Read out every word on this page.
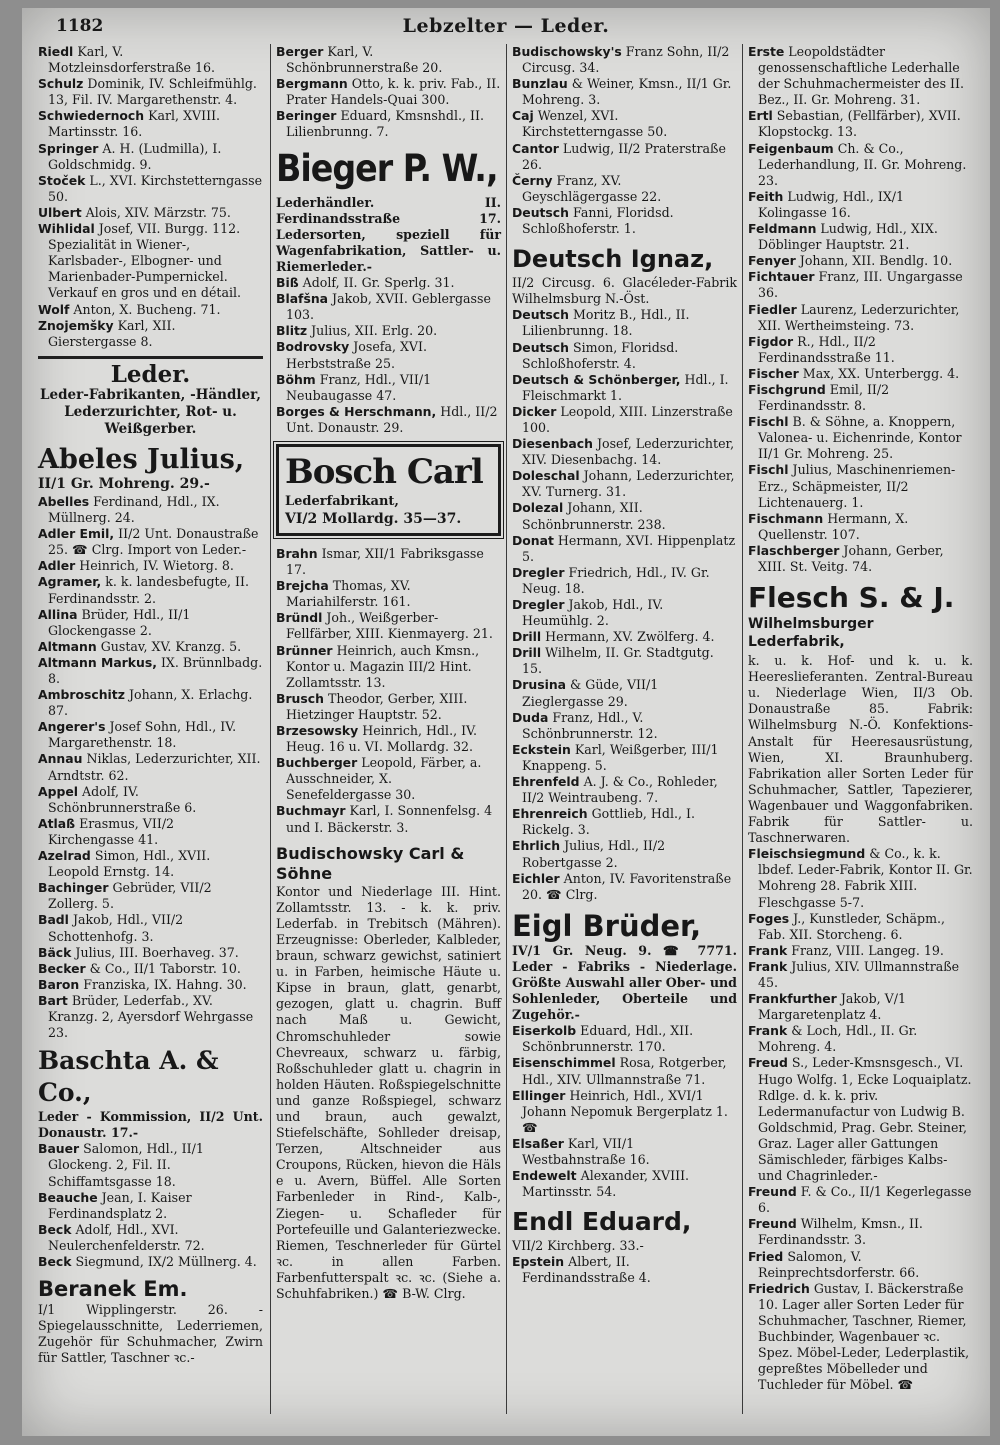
1182	Lebzelter — Leder.

Riedl Karl, V. Motzleinsdorferstraße 16.

Schulz Dominik, IV. Schleifmühlg. 13, Fil. IV. Margarethenstr. 4.

Schwiedernoch Karl, XVIII. Martinsstr. 16.

Springer A. H. (Ludmilla), I. Goldschmidg. 9.

Stoček L., XVI. Kirchstetterngasse 50.

Ulbert Alois, XIV. Märzstr. 75.

Wihlidal Josef, VII. Burgg. 112. Spezialität in Wiener-, Karlsbader-, Elbogner- und Marienbader-Pumpernickel. Verkauf en gros und en détail.

Wolf Anton, X. Bucheng. 71.

Znojemšky Karl, XII. Gierstergasse 8.

Leder.
Leder-Fabrikanten, -Händler, Lederzurichter, Rot- u. Weißgerber.
Abeles Julius,
II/1 Gr. Mohreng. 29.-

Abelles Ferdinand, Hdl., IX. Müllnerg. 24.

Adler Emil, II/2 Unt. Donaustraße 25. ☎ Clrg. Import von Leder.-

Adler Heinrich, IV. Wietorg. 8.

Agramer, k. k. landesbefugte, II. Ferdinandsstr. 2.

Allina Brüder, Hdl., II/1 Glockengasse 2.

Altmann Gustav, XV. Kranzg. 5.

Altmann Markus, IX. Brünnlbadg. 8.

Ambroschitz Johann, X. Erlachg. 87.

Angerer's Josef Sohn, Hdl., IV. Margarethenstr. 18.

Annau Niklas, Lederzurichter, XII. Arndtstr. 62.

Appel Adolf, IV. Schönbrunnerstraße 6.

Atlaß Erasmus, VII/2 Kirchengasse 41.

Azelrad Simon, Hdl., XVII. Leopold Ernstg. 14.

Bachinger Gebrüder, VII/2 Zollerg. 5.

Badl Jakob, Hdl., VII/2 Schottenhofg. 3.

Bäck Julius, III. Boerhaveg. 37.

Becker & Co., II/1 Taborstr. 10.

Baron Franziska, IX. Hahng. 30.

Bart Brüder, Lederfab., XV. Kranzg. 2, Ayersdorf Wehrgasse 23.

Baschta A. & Co.,
Leder - Kommission, II/2 Unt. Donaustr. 17.-

Bauer Salomon, Hdl., II/1 Glockeng. 2, Fil. II. Schiffamtsgasse 18.

Beauche Jean, I. Kaiser Ferdinandsplatz 2.

Beck Adolf, Hdl., XVI. Neulerchenfelderstr. 72.

Beck Siegmund, IX/2 Müllnerg. 4.

Beranek Em.
I/1 Wipplingerstr. 26. -Spiegelausschnitte, Lederriemen, Zugehör für Schuhmacher, Zwirn für Sattler, Taschner ꝛc.-

Berger Karl, V. Schönbrunnerstraße 20.

Bergmann Otto, k. k. priv. Fab., II. Prater Handels-Quai 300.

Beringer Eduard, Kmsnshdl., II. Lilienbrunng. 7.

Bieger P. W.,
Lederhändler. II. Ferdinandsstraße 17. Ledersorten, speziell für Wagenfabrikation, Sattler- u. Riemerleder.-

Biß Adolf, II. Gr. Sperlg. 31.

Blafšna Jakob, XVII. Geblergasse 103.

Blitz Julius, XII. Erlg. 20.

Bodrovsky Josefa, XVI. Herbststraße 25.

Böhm Franz, Hdl., VII/1 Neubaugasse 47.

Borges & Herschmann, Hdl., II/2 Unt. Donaustr. 29.

Bosch Carl
Lederfabrikant,
VI/2 Mollardg. 35—37.

Brahn Ismar, XII/1 Fabriksgasse 17.

Brejcha Thomas, XV. Mariahilferstr. 161.

Bründl Joh., Weißgerber-Fellfärber, XIII. Kienmayerg. 21.

Brünner Heinrich, auch Kmsn., Kontor u. Magazin III/2 Hint. Zollamtsstr. 13.

Brusch Theodor, Gerber, XIII. Hietzinger Hauptstr. 52.

Brzesowsky Heinrich, Hdl., IV. Heug. 16 u. VI. Mollardg. 32.

Buchberger Leopold, Färber, a. Ausschneider, X. Senefeldergasse 30.

Buchmayr Karl, I. Sonnenfelsg. 4 und I. Bäckerstr. 3.

Budischowsky Carl & Söhne
Kontor und Niederlage III. Hint. Zollamtsstr. 13. - k. k. priv. Lederfab. in Trebitsch (Mähren). Erzeugnisse: Oberleder, Kalbleder, braun, schwarz gewichst, satiniert u. in Farben, heimische Häute u. Kipse in braun, glatt, genarbt, gezogen, glatt u. chagrin. Buff nach Maß u. Gewicht, Chromschuhleder sowie Chevreaux, schwarz u. färbig, Roßschuhleder glatt u. chagrin in holden Häuten. Roßspiegelschnitte und ganze Roßspiegel, schwarz und braun, auch gewalzt, Stiefelschäfte, Sohlleder dreisap, Terzen, Altschneider aus Croupons, Rücken, hievon die Häls e u. Avern, Büffel. Alle Sorten Farbenleder in Rind-, Kalb-, Ziegen- u. Schafleder für Portefeuille und Galanteriezwecke. Riemen, Teschnerleder für Gürtel ꝛc. in allen Farben. Farbenfutterspalt ꝛc. ꝛc. (Siehe a. Schuhfabriken.) ☎ B-W. Clrg.

Budischowsky's Franz Sohn, II/2 Circusg. 34.

Bunzlau & Weiner, Kmsn., II/1 Gr. Mohreng. 3.

Caj Wenzel, XVI. Kirchstetterngasse 50.

Cantor Ludwig, II/2 Praterstraße 26.

Černy Franz, XV. Geyschlägergasse 22.

Deutsch Fanni, Floridsd. Schloßhoferstr. 1.

Deutsch Ignaz,
II/2 Circusg. 6. Glacéleder-Fabrik Wilhelmsburg N.-Öst.

Deutsch Moritz B., Hdl., II. Lilienbrunng. 18.

Deutsch Simon, Floridsd. Schloßhoferstr. 4.

Deutsch & Schönberger, Hdl., I. Fleischmarkt 1.

Dicker Leopold, XIII. Linzerstraße 100.

Diesenbach Josef, Lederzurichter, XIV. Diesenbachg. 14.

Doleschal Johann, Lederzurichter, XV. Turnerg. 31.

Dolezal Johann, XII. Schönbrunnerstr. 238.

Donat Hermann, XVI. Hippenplatz 5.

Dregler Friedrich, Hdl., IV. Gr. Neug. 18.

Dregler Jakob, Hdl., IV. Heumühlg. 2.

Drill Hermann, XV. Zwölferg. 4.

Drill Wilhelm, II. Gr. Stadtgutg. 15.

Drusina & Güde, VII/1 Zieglergasse 29.

Duda Franz, Hdl., V. Schönbrunnerstr. 12.

Eckstein Karl, Weißgerber, III/1 Knappeng. 5.

Ehrenfeld A. J. & Co., Rohleder, II/2 Weintraubeng. 7.

Ehrenreich Gottlieb, Hdl., I. Rickelg. 3.

Ehrlich Julius, Hdl., II/2 Robertgasse 2.

Eichler Anton, IV. Favoritenstraße 20. ☎ Clrg.

Eigl Brüder,
IV/1 Gr. Neug. 9. ☎ 7771. Leder - Fabriks - Niederlage. Größte Auswahl aller Ober- und Sohlenleder, Oberteile und Zugehör.-

Eiserkolb Eduard, Hdl., XII. Schönbrunnerstr. 170.

Eisenschimmel Rosa, Rotgerber, Hdl., XIV. Ullmannstraße 71.

Ellinger Heinrich, Hdl., XVI/1 Johann Nepomuk Bergerplatz 1. ☎

Elsaßer Karl, VII/1 Westbahnstraße 16.

Endewelt Alexander, XVIII. Martinsstr. 54.

Endl Eduard,
VII/2 Kirchberg. 33.-

Epstein Albert, II. Ferdinandsstraße 4.

Erste Leopoldstädter genossenschaftliche Lederhalle der Schuhmachermeister des II. Bez., II. Gr. Mohreng. 31.

Ertl Sebastian, (Fellfärber), XVII. Klopstockg. 13.

Feigenbaum Ch. & Co., Lederhandlung, II. Gr. Mohreng. 23.

Feith Ludwig, Hdl., IX/1 Kolingasse 16.

Feldmann Ludwig, Hdl., XIX. Döblinger Hauptstr. 21.

Fenyer Johann, XII. Bendlg. 10.

Fichtauer Franz, III. Ungargasse 36.

Fiedler Laurenz, Lederzurichter, XII. Wertheimsteing. 73.

Figdor R., Hdl., II/2 Ferdinandsstraße 11.

Fischer Max, XX. Unterbergg. 4.

Fischgrund Emil, II/2 Ferdinandsstr. 8.

Fischl B. & Söhne, a. Knoppern, Valonea- u. Eichenrinde, Kontor II/1 Gr. Mohreng. 25.

Fischl Julius, Maschinenriemen-Erz., Schäpmeister, II/2 Lichtenauerg. 1.

Fischmann Hermann, X. Quellenstr. 107.

Flaschberger Johann, Gerber, XIII. St. Veitg. 74.

Flesch S. & J.
Wilhelmsburger Lederfabrik,
k. u. k. Hof- und k. u. k. Heereslieferanten. Zentral-Bureau u. Niederlage Wien, II/3 Ob. Donaustraße 85. Fabrik: Wilhelmsburg N.-Ö. Konfektions-Anstalt für Heeresausrüstung, Wien, XI. Braunhuberg. Fabrikation aller Sorten Leder für Schuhmacher, Sattler, Tapezierer, Wagenbauer und Waggonfabriken. Fabrik für Sattler- u. Taschnerwaren.

Fleischsiegmund & Co., k. k. lbdef. Leder-Fabrik, Kontor II. Gr. Mohreng 28. Fabrik XIII. Fleschgasse 5-7.

Foges J., Kunstleder, Schäpm., Fab. XII. Storcheng. 6.

Frank Franz, VIII. Langeg. 19.

Frank Julius, XIV. Ullmannstraße 45.

Frankfurther Jakob, V/1 Margaretenplatz 4.

Frank & Loch, Hdl., II. Gr. Mohreng. 4.

Freud S., Leder-Kmsnsgesch., VI. Hugo Wolfg. 1, Ecke Loquaiplatz. Rdlge. d. k. k. priv. Ledermanufactur von Ludwig B. Goldschmid, Prag. Gebr. Steiner, Graz. Lager aller Gattungen Sämischleder, färbiges Kalbs- und Chagrinleder.-

Freund F. & Co., II/1 Kegerlegasse 6.

Freund Wilhelm, Kmsn., II. Ferdinandsstr. 3.

Fried Salomon, V. Reinprechtsdorferstr. 66.

Friedrich Gustav, I. Bäckerstraße 10. Lager aller Sorten Leder für Schuhmacher, Taschner, Riemer, Buchbinder, Wagenbauer ꝛc. Spez. Möbel-Leder, Lederplastik, gepreßtes Möbelleder und Tuchleder für Möbel. ☎
